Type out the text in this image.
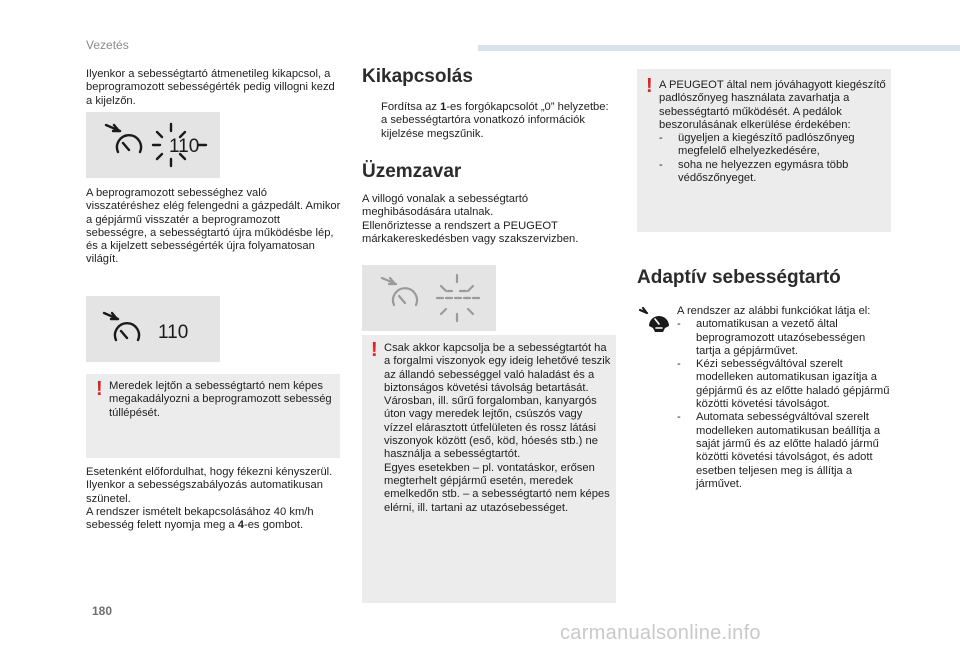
Vezetés
Ilyenkor a sebességtartó átmenetileg kikapcsol, a beprogramozott sebességérték pedig villogni kezd a kijelzőn.
110
A beprogramozott sebességhez való visszatéréshez elég felengedni a gázpedált. Amikor a gépjármű visszatér a beprogramozott sebességre, a sebességtartó újra működésbe lép, és a kijelzett sebességérték újra folyamatosan világít.
110
! Meredek lejtőn a sebességtartó nem képes megakadályozni a beprogramozott sebesség túllépését.

Esetenként előfordulhat, hogy fékezni kényszerül. Ilyenkor a sebességszabályozás automatikusan szünetel.

A rendszer ismételt bekapcsolásához 40 km/h sebesség felett nyomja meg a 4-es gombot.

Kikapcsolás
Fordítsa az 1-es forgókapcsolót „0” helyzetbe: a sebességtartóra vonatkozó információk kijelzése megszűnik.
Üzemzavar

A villogó vonalak a sebességtartó meghibásodására utalnak.

Ellenőriztesse a rendszert a PEUGEOT márkakereskedésben vagy szakszervizben.

! Csak akkor kapcsolja be a sebességtartót ha a forgalmi viszonyok egy ideig lehetővé teszik az állandó sebességgel való haladást és a biztonságos követési távolság betartását.

Városban, ill. sűrű forgalomban, kanyargós úton vagy meredek lejtőn, csúszós vagy vízzel elárasztott útfelületen és rossz látási viszonyok között (eső, köd, hóesés stb.) ne használja a sebességtartót.

Egyes esetekben – pl. vontatáskor, erősen megterhelt gépjármű esetén, meredek emelkedőn stb. – a sebességtartó nem képes elérni, ill. tartani az utazósebességet.

! A PEUGEOT által nem jóváhagyott kiegészítő padlószőnyeg használata zavarhatja a sebességtartó működését. A pedálok beszorulásának elkerülése érdekében:

- ügyeljen a kiegészítő padlószőnyeg megfelelő elhelyezkedésére,
- soha ne helyezzen egymásra több védőszőnyeget.
Adaptív sebességtartó

A rendszer az alábbi funkciókat látja el:

- automatikusan a vezető által beprogramozott utazósebességen tartja a gépjárművet.
- Kézi sebességváltóval szerelt modelleken automatikusan igazítja a gépjármű és az előtte haladó gépjármű közötti követési távolságot.
- Automata sebességváltóval szerelt modelleken automatikusan beállítja a saját jármű és az előtte haladó jármű közötti követési távolságot, és adott esetben teljesen meg is állítja a járművet.
180
carmanualsonline.info
